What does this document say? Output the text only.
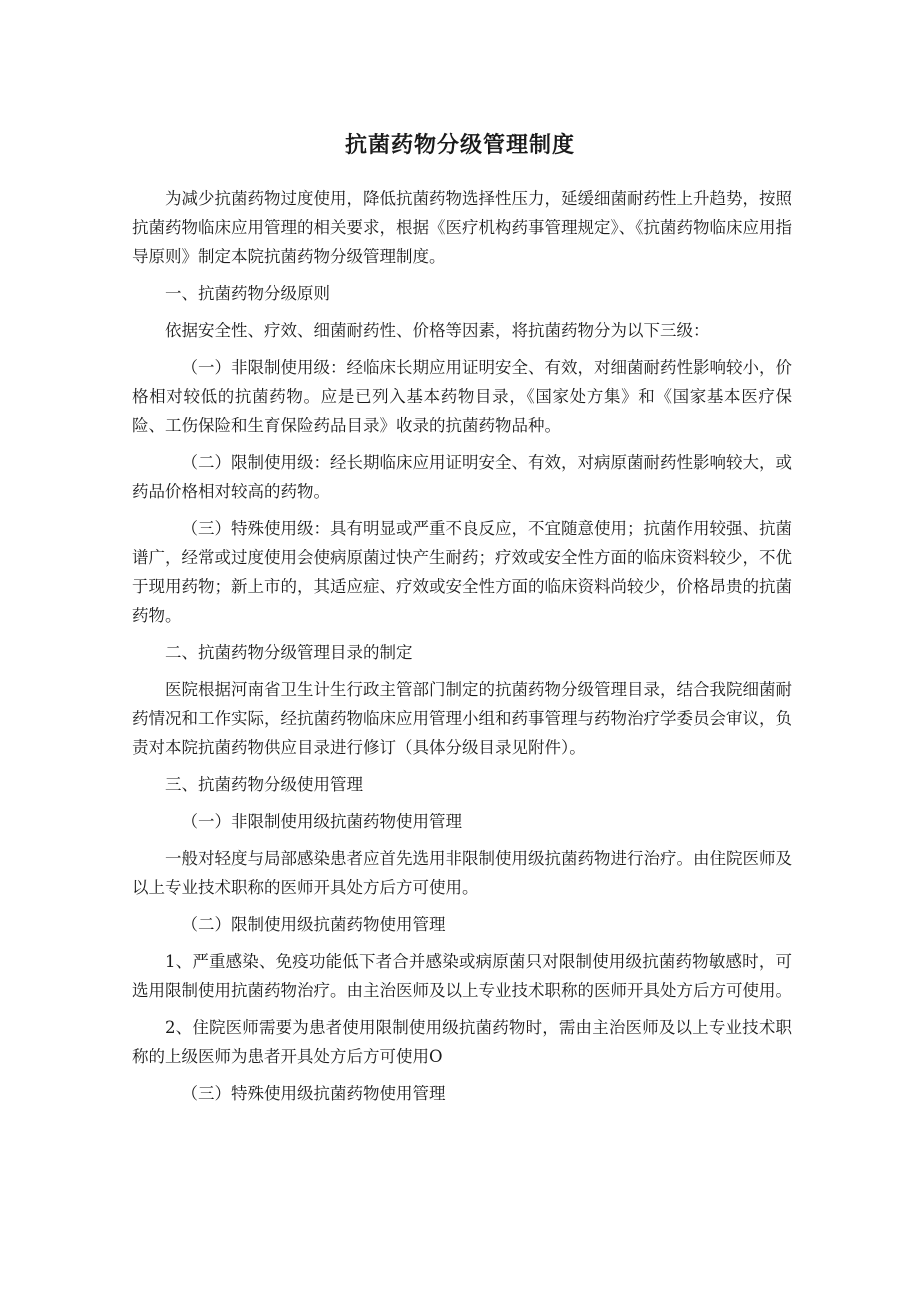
抗菌药物分级管理制度

为减少抗菌药物过度使用，降低抗菌药物选择性压力，延缓细菌耐药性上升趋势，按照抗菌药物临床应用管理的相关要求，根据《医疗机构药事管理规定》、《抗菌药物临床应用指导原则》制定本院抗菌药物分级管理制度。

一、抗菌药物分级原则

依据安全性、疗效、细菌耐药性、价格等因素，将抗菌药物分为以下三级：

（一）非限制使用级：经临床长期应用证明安全、有效，对细菌耐药性影响较小，价格相对较低的抗菌药物。应是已列入基本药物目录，《国家处方集》和《国家基本医疗保险、工伤保险和生育保险药品目录》收录的抗菌药物品种。

（二）限制使用级：经长期临床应用证明安全、有效，对病原菌耐药性影响较大，或药品价格相对较高的药物。

（三）特殊使用级：具有明显或严重不良反应，不宜随意使用；抗菌作用较强、抗菌谱广，经常或过度使用会使病原菌过快产生耐药；疗效或安全性方面的临床资料较少，不优于现用药物；新上市的，其适应症、疗效或安全性方面的临床资料尚较少，价格昂贵的抗菌药物。

二、抗菌药物分级管理目录的制定

医院根据河南省卫生计生行政主管部门制定的抗菌药物分级管理目录，结合我院细菌耐药情况和工作实际，经抗菌药物临床应用管理小组和药事管理与药物治疗学委员会审议，负责对本院抗菌药物供应目录进行修订（具体分级目录见附件）。

三、抗菌药物分级使用管理

（一）非限制使用级抗菌药物使用管理

一般对轻度与局部感染患者应首先选用非限制使用级抗菌药物进行治疗。由住院医师及以上专业技术职称的医师开具处方后方可使用。

（二）限制使用级抗菌药物使用管理

1、严重感染、免疫功能低下者合并感染或病原菌只对限制使用级抗菌药物敏感时，可选用限制使用抗菌药物治疗。由主治医师及以上专业技术职称的医师开具处方后方可使用。

2、住院医师需要为患者使用限制使用级抗菌药物时，需由主治医师及以上专业技术职称的上级医师为患者开具处方后方可使用O

（三）特殊使用级抗菌药物使用管理
